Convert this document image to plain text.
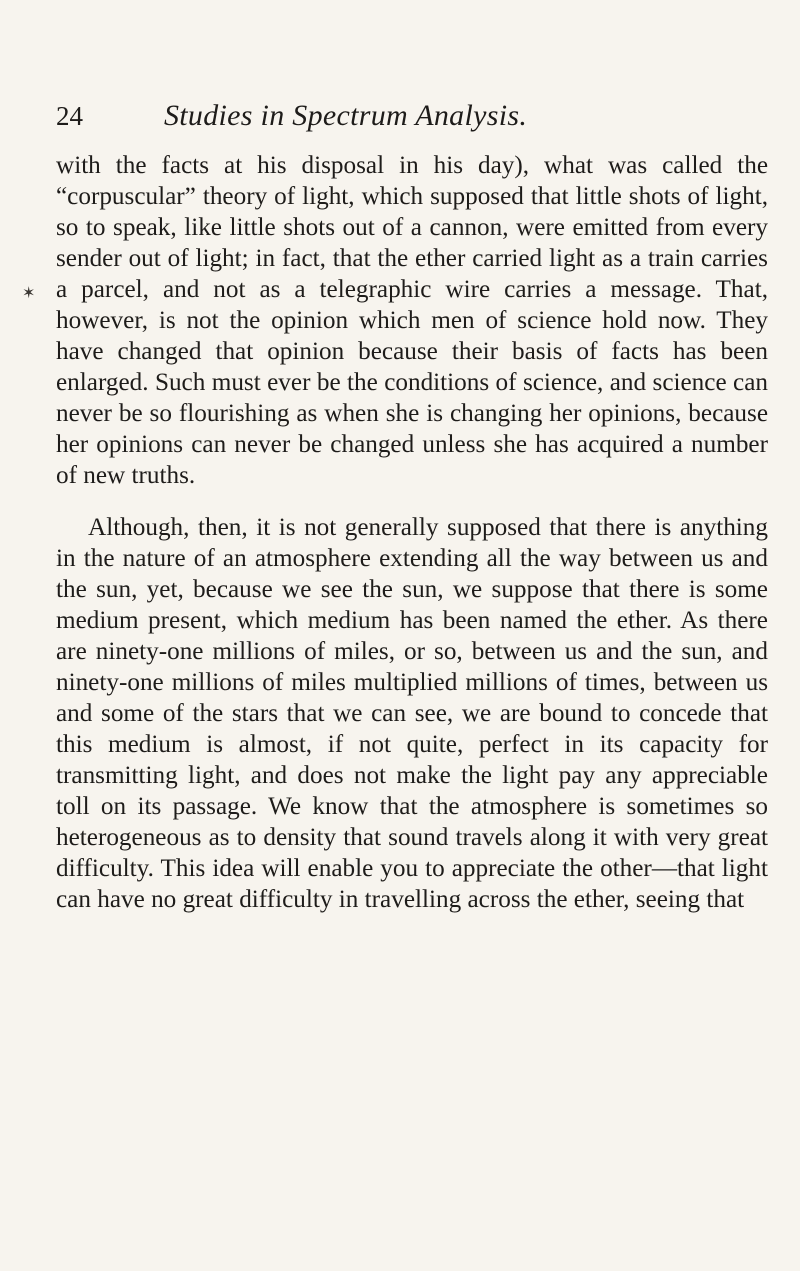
24	Studies in Spectrum Analysis.
✶

with the facts at his disposal in his day), what was called the “corpuscular” theory of light, which supposed that little shots of light, so to speak, like little shots out of a cannon, were emitted from every sender out of light; in fact, that the ether carried light as a train carries a parcel, and not as a telegraphic wire carries a message. That, however, is not the opinion which men of science hold now. They have changed that opinion because their basis of facts has been enlarged. Such must ever be the conditions of science, and science can never be so flourishing as when she is changing her opinions, because her opinions can never be changed unless she has acquired a number of new truths.

Although, then, it is not generally supposed that there is anything in the nature of an atmosphere extending all the way between us and the sun, yet, because we see the sun, we suppose that there is some medium present, which medium has been named the ether. As there are ninety-one millions of miles, or so, between us and the sun, and ninety-one millions of miles multiplied millions of times, between us and some of the stars that we can see, we are bound to concede that this medium is almost, if not quite, perfect in its capacity for transmitting light, and does not make the light pay any appreciable toll on its passage. We know that the atmosphere is sometimes so heterogeneous as to density that sound travels along it with very great difficulty. This idea will enable you to appreciate the other—that light can have no great difficulty in travelling across the ether, seeing that
